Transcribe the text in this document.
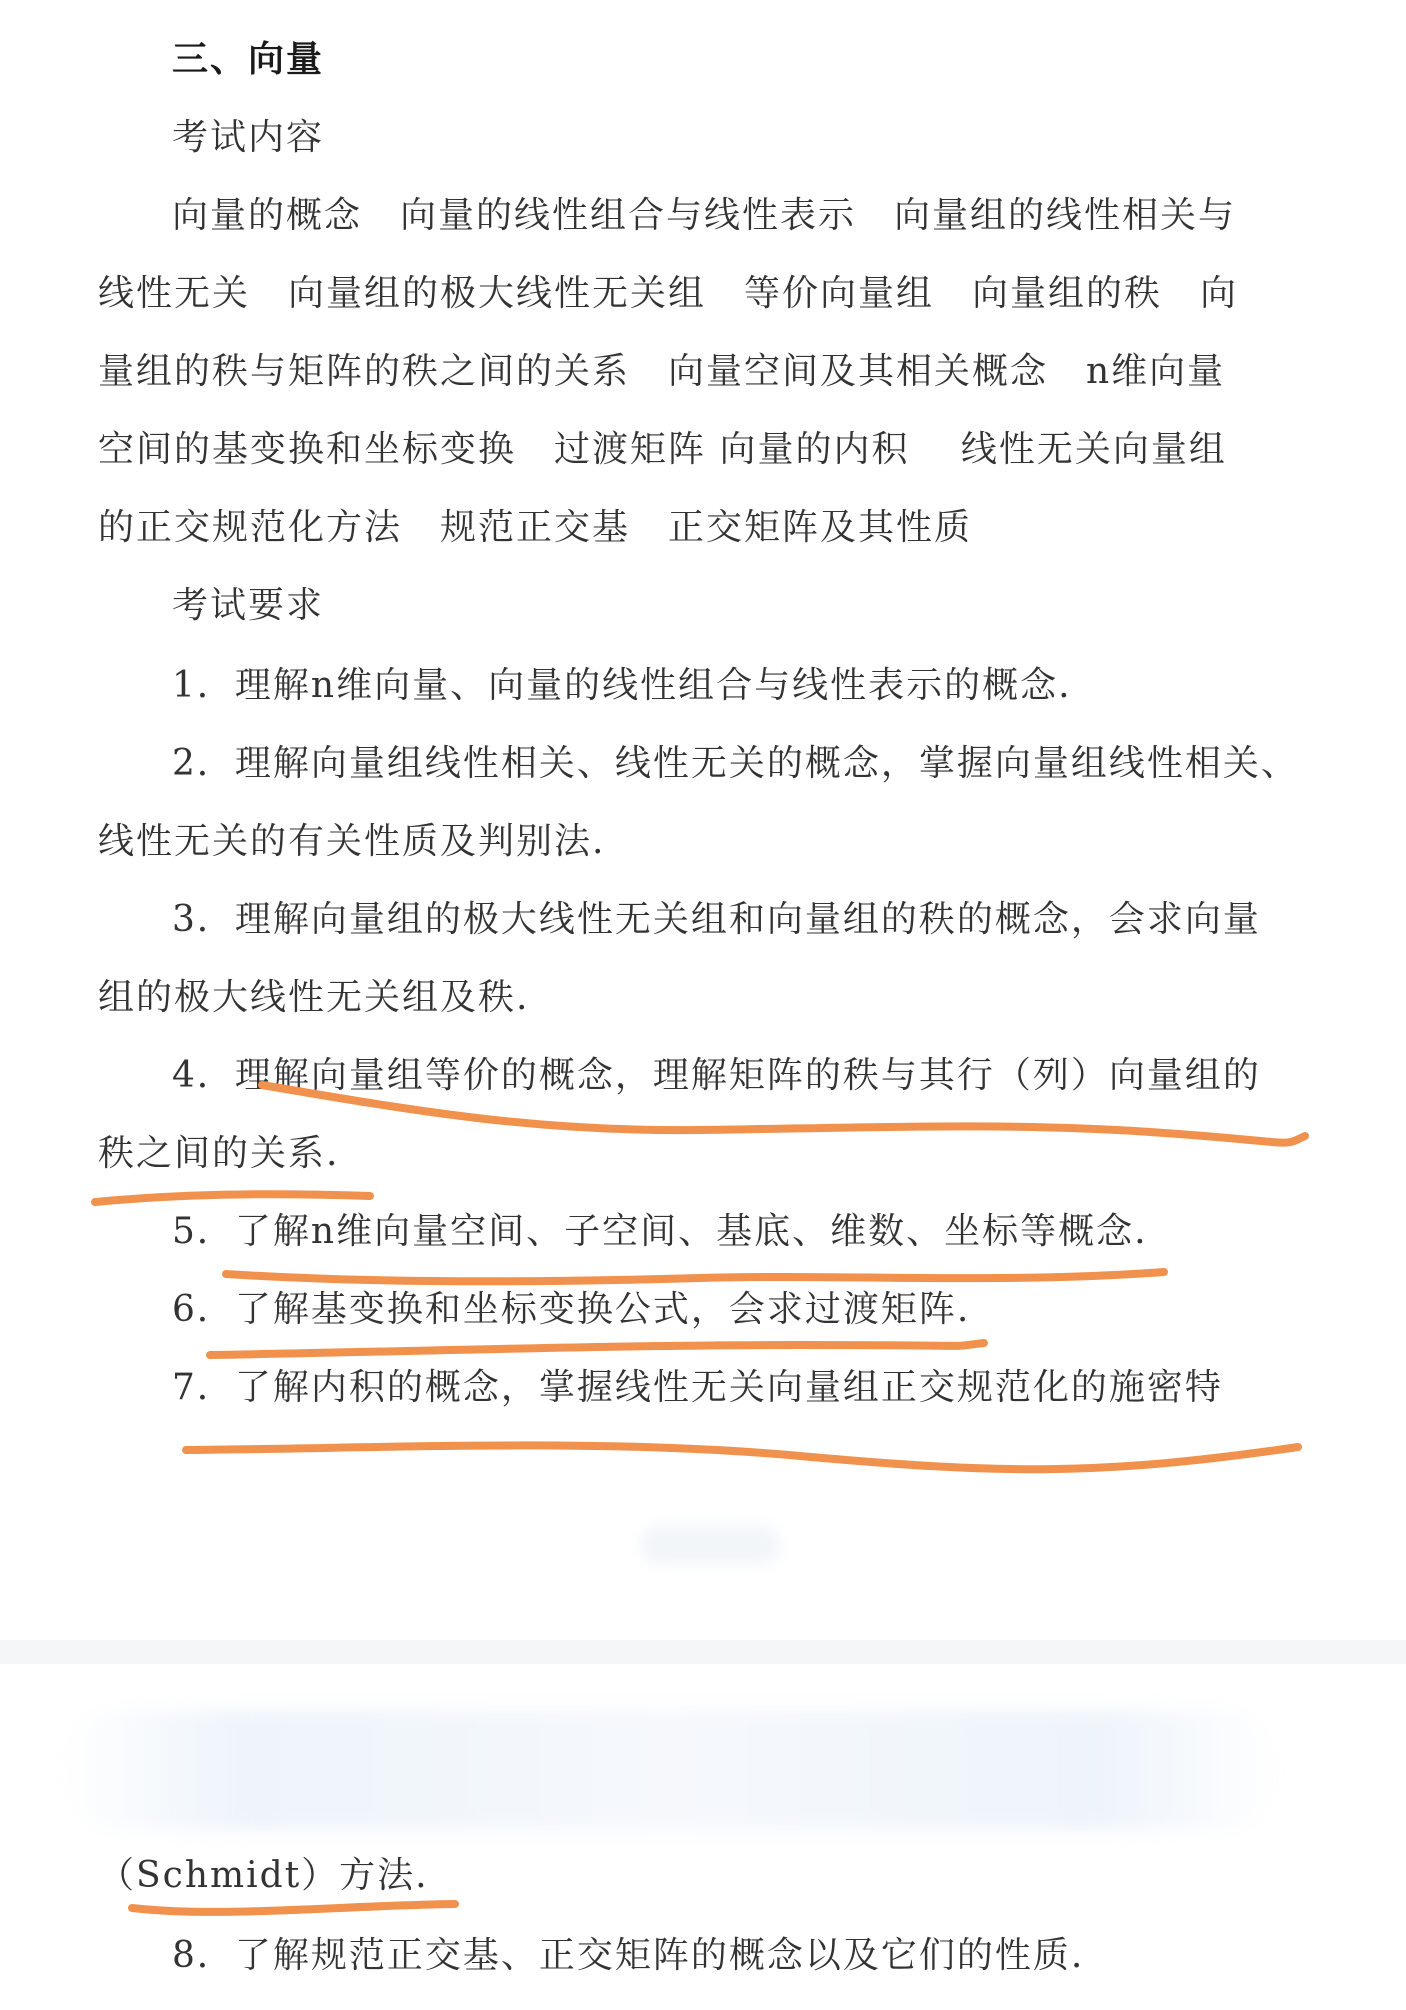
三、向量

考试内容

向量的概念　向量的线性组合与线性表示　向量组的线性相关与

线性无关　向量组的极大线性无关组　等价向量组　向量组的秩　向

量组的秩与矩阵的秩之间的关系　向量空间及其相关概念　n维向量

空间的基变换和坐标变换　过渡矩阵 向量的内积　 线性无关向量组

的正交规范化方法　规范正交基　正交矩阵及其性质

考试要求

1．理解n维向量、向量的线性组合与线性表示的概念.

2．理解向量组线性相关、线性无关的概念，掌握向量组线性相关、

线性无关的有关性质及判别法.

3．理解向量组的极大线性无关组和向量组的秩的概念，会求向量

组的极大线性无关组及秩.

4．理解向量组等价的概念，理解矩阵的秩与其行（列）向量组的

秩之间的关系.

5．了解n维向量空间、子空间、基底、维数、坐标等概念.

6．了解基变换和坐标变换公式，会求过渡矩阵.

7．了解内积的概念，掌握线性无关向量组正交规范化的施密特

（Schmidt）方法.

8．了解规范正交基、正交矩阵的概念以及它们的性质.
